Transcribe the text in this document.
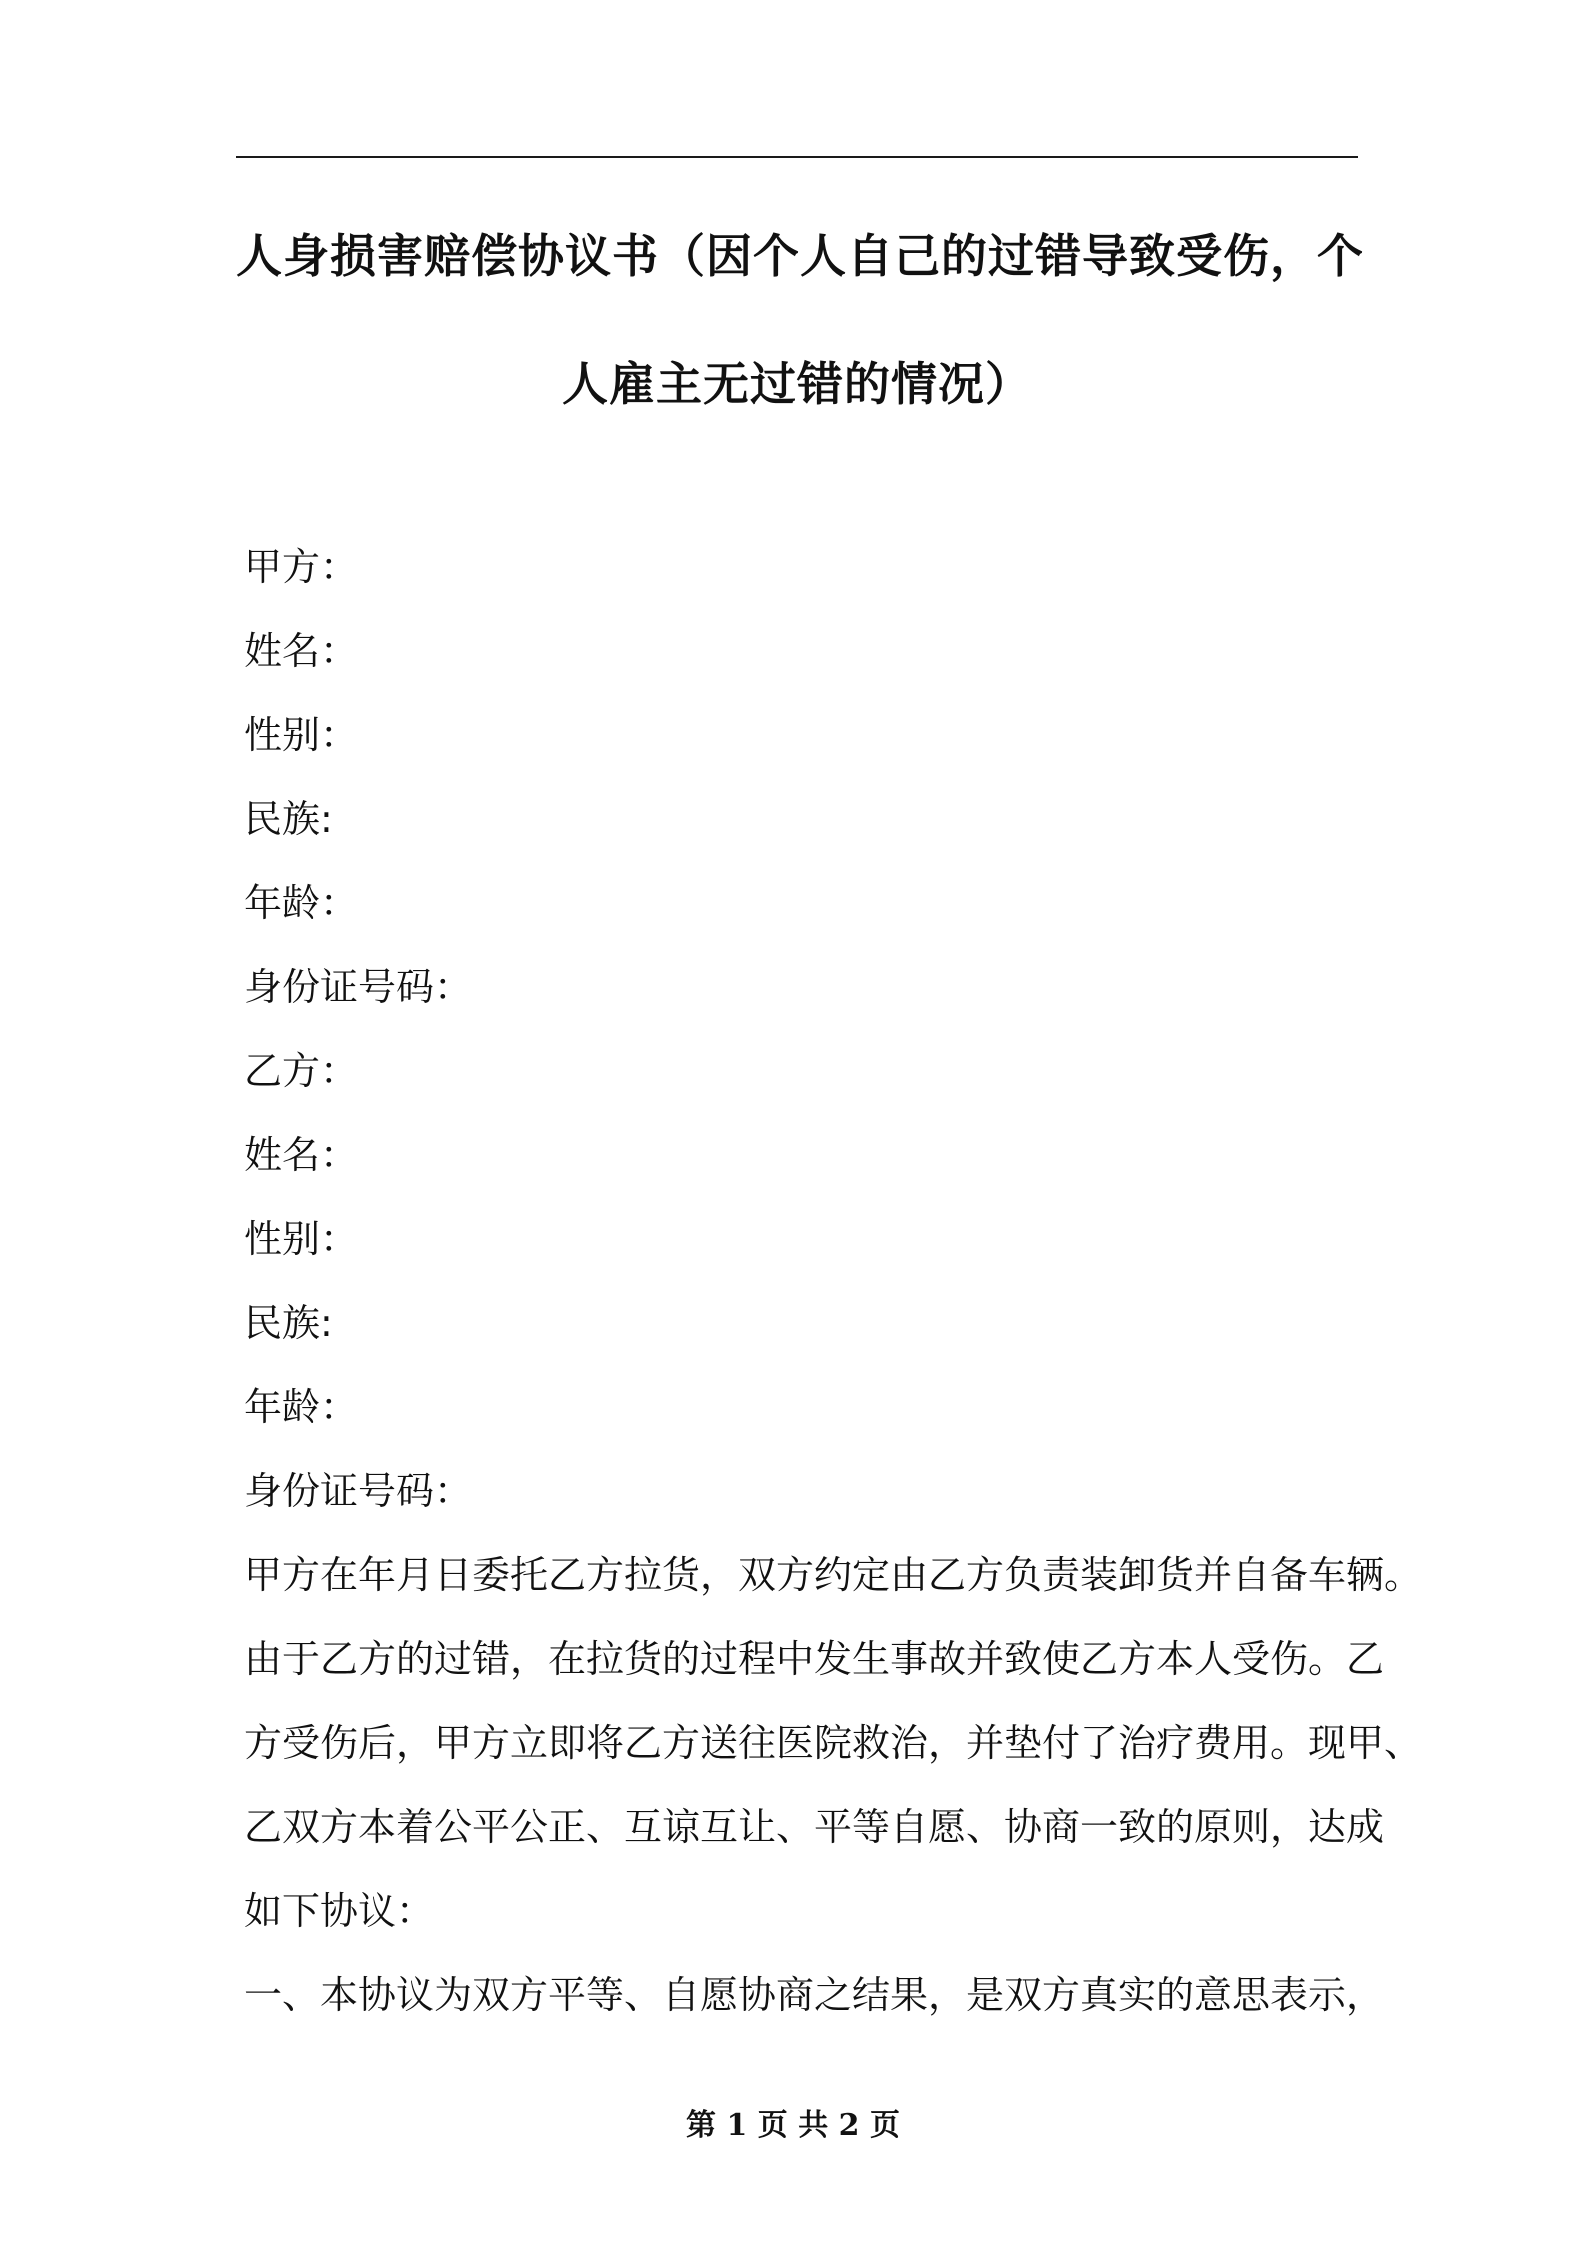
人身损害赔偿协议书（因个人自己的过错导致受伤，个
人雇主无过错的情况）
甲方：
姓名：
性别：
民族:
年龄：
身份证号码：
乙方：
姓名：
性别：
民族:
年龄：
身份证号码：
甲方在年月日委托乙方拉货，双方约定由乙方负责装卸货并自备车辆。
由于乙方的过错，在拉货的过程中发生事故并致使乙方本人受伤。乙
方受伤后，甲方立即将乙方送往医院救治，并垫付了治疗费用。现甲、
乙双方本着公平公正、互谅互让、平等自愿、协商一致的原则，达成
如下协议：
一、本协议为双方平等、自愿协商之结果，是双方真实的意思表示，
第 1 页 共 2 页
